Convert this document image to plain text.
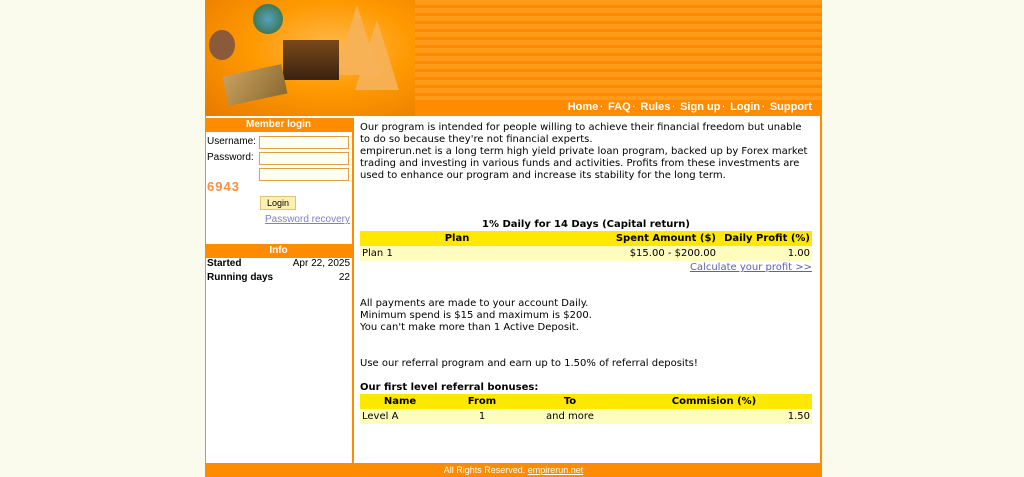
Home · FAQ · Rules · Sign up · Login · Support
Member login
Username:
Password:
6943
Login
Password recovery
Info
Started	Apr 22, 2025
Running days	22

Our program is intended for people willing to achieve their financial freedom but unable to do so because they're not financial experts.

empirerun.net is a long term high yield private loan program, backed up by Forex market trading and investing in various funds and activities. Profits from these investments are used to enhance our program and increase its stability for the long term.

1% Daily for 14 Days (Capital return)
Plan	Spent Amount ($)	Daily Profit (%)
Plan 1	$15.00 - $200.00	1.00
Calculate your profit >>

All payments are made to your account Daily.

Minimum spend is $15 and maximum is $200.

You can't make more than 1 Active Deposit.

Use our referral program and earn up to 1.50% of referral deposits!

Our first level referral bonuses:

Name	From	To	Commision (%)
Level A	1	and more	1.50
All Rights Reserved. empirerun.net
